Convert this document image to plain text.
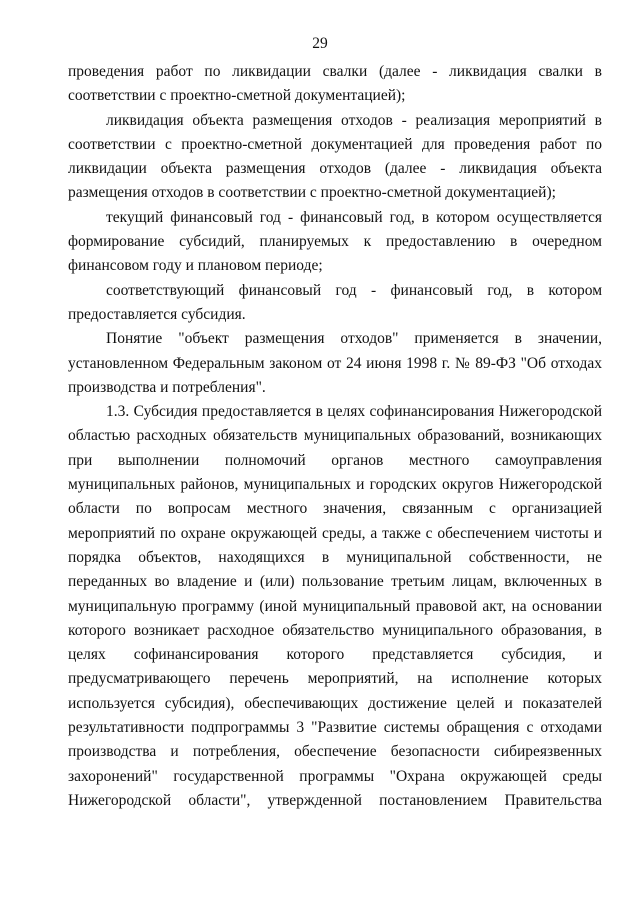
29

проведения работ по ликвидации свалки (далее - ликвидация свалки в соответствии с проектно-сметной документацией);

ликвидация объекта размещения отходов - реализация мероприятий в соответствии с проектно-сметной документацией для проведения работ по ликвидации объекта размещения отходов (далее - ликвидация объекта размещения отходов в соответствии с проектно-сметной документацией);

текущий финансовый год - финансовый год, в котором осуществляется формирование субсидий, планируемых к предоставлению в очередном финансовом году и плановом периоде;

соответствующий финансовый год - финансовый год, в котором предоставляется субсидия.

Понятие "объект размещения отходов" применяется в значении, установленном Федеральным законом от 24 июня 1998 г. № 89-ФЗ "Об отходах производства и потребления".

1.3. Субсидия предоставляется в целях софинансирования Нижегородской областью расходных обязательств муниципальных образований, возникающих при выполнении полномочий органов местного самоуправления муниципальных районов, муниципальных и городских округов Нижегородской области по вопросам местного значения, связанным с организацией мероприятий по охране окружающей среды, а также с обеспечением чистоты и порядка объектов, находящихся в муниципальной собственности, не переданных во владение и (или) пользование третьим лицам, включенных в муниципальную программу (иной муниципальный правовой акт, на основании которого возникает расходное обязательство муниципального образования, в целях софинансирования которого представляется субсидия, и предусматривающего перечень мероприятий, на исполнение которых используется субсидия), обеспечивающих достижение целей и показателей результативности подпрограммы 3 "Развитие системы обращения с отходами производства и потребления, обеспечение безопасности сибиреязвенных захоронений" государственной программы "Охрана окружающей среды Нижегородской области", утвержденной постановлением Правительства
